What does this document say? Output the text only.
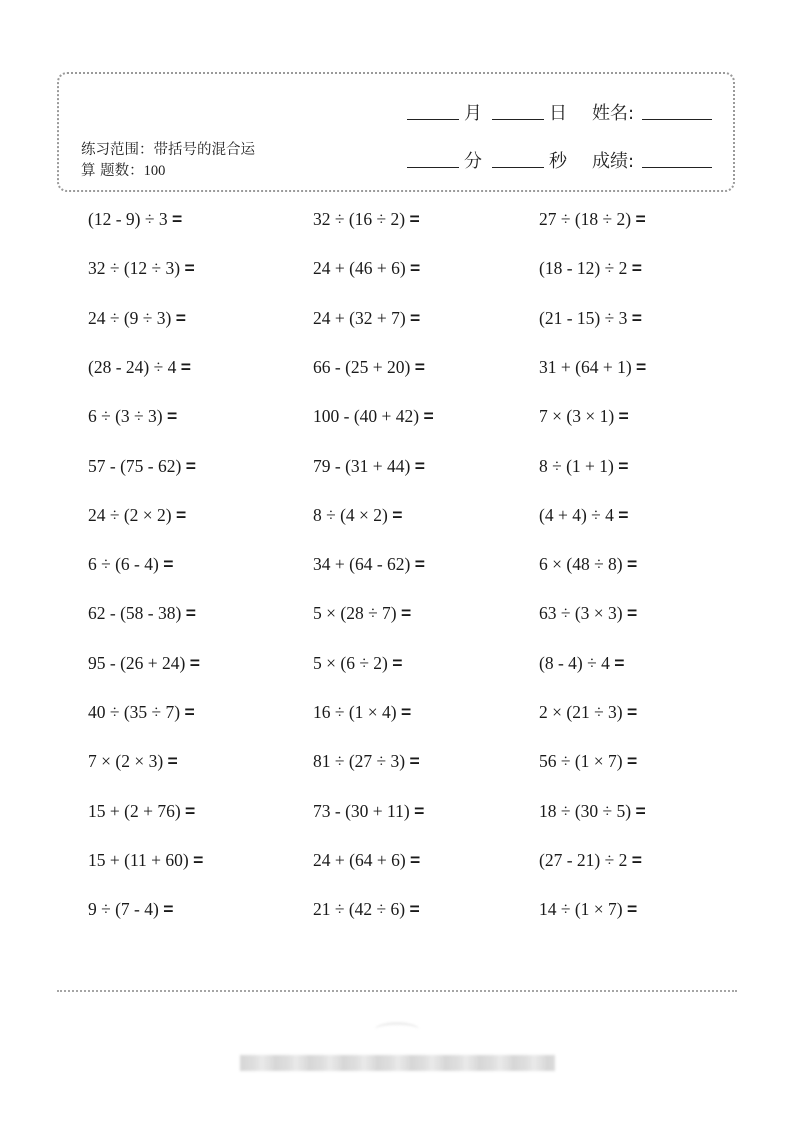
月	日 姓名:
分	秒 成绩:
练习范围：带括号的混合运
算 题数：100
(12 - 9) ÷ 3 =	32 ÷ (16 ÷ 2) =	27 ÷ (18 ÷ 2) =
32 ÷ (12 ÷ 3) =	24 + (46 + 6) =	(18 - 12) ÷ 2 =
24 ÷ (9 ÷ 3) =	24 + (32 + 7) =	(21 - 15) ÷ 3 =
(28 - 24) ÷ 4 =	66 - (25 + 20) =	31 + (64 + 1) =
6 ÷ (3 ÷ 3) =	100 - (40 + 42) =	7 × (3 × 1) =
57 - (75 - 62) =	79 - (31 + 44) =	8 ÷ (1 + 1) =
24 ÷ (2 × 2) =	8 ÷ (4 × 2) =	(4 + 4) ÷ 4 =
6 ÷ (6 - 4) =	34 + (64 - 62) =	6 × (48 ÷ 8) =
62 - (58 - 38) =	5 × (28 ÷ 7) =	63 ÷ (3 × 3) =
95 - (26 + 24) =	5 × (6 ÷ 2) =	(8 - 4) ÷ 4 =
40 ÷ (35 ÷ 7) =	16 ÷ (1 × 4) =	2 × (21 ÷ 3) =
7 × (2 × 3) =	81 ÷ (27 ÷ 3) =	56 ÷ (1 × 7) =
15 + (2 + 76) =	73 - (30 + 11) =	18 ÷ (30 ÷ 5) =
15 + (11 + 60) =	24 + (64 + 6) =	(27 - 21) ÷ 2 =
9 ÷ (7 - 4) =	21 ÷ (42 ÷ 6) =	14 ÷ (1 × 7) =
